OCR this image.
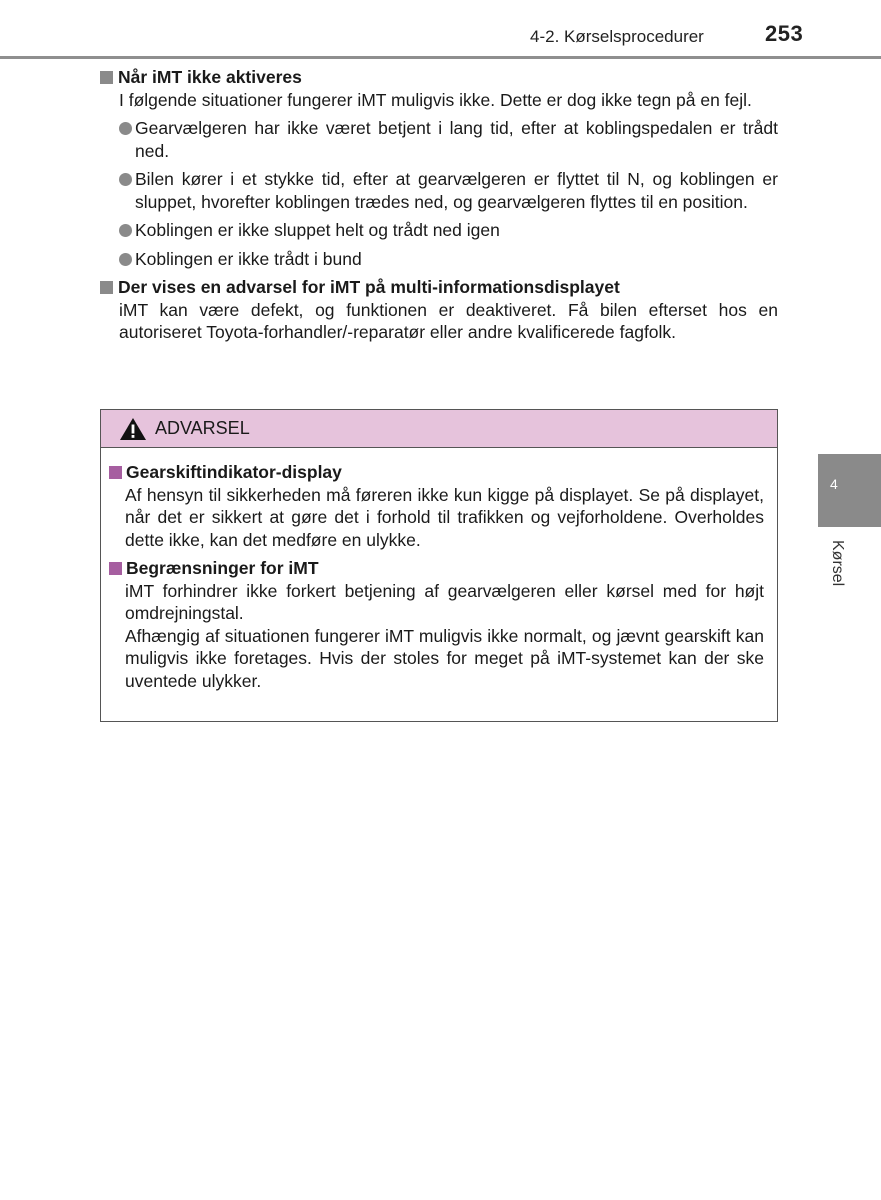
4-2. Kørselsprocedurer	253
Når iMT ikke aktiveres
I følgende situationer fungerer iMT muligvis ikke. Dette er dog ikke tegn på en fejl.
Gearvælgeren har ikke været betjent i lang tid, efter at koblingspedalen er trådt ned.
Bilen kører i et stykke tid, efter at gearvælgeren er flyttet til N, og koblingen er sluppet, hvorefter koblingen trædes ned, og gearvælgeren flyttes til en position.
Koblingen er ikke sluppet helt og trådt ned igen
Koblingen er ikke trådt i bund
Der vises en advarsel for iMT på multi-informationsdisplayet
iMT kan være defekt, og funktionen er deaktiveret. Få bilen efterset hos en autoriseret Toyota-forhandler/-reparatør eller andre kvalificerede fagfolk.
ADVARSEL
Gearskiftindikator-display
Af hensyn til sikkerheden må føreren ikke kun kigge på displayet. Se på displayet, når det er sikkert at gøre det i forhold til trafikken og vejforholdene. Overholdes dette ikke, kan det medføre en ulykke.
Begrænsninger for iMT
iMT forhindrer ikke forkert betjening af gearvælgeren eller kørsel med for højt omdrejningstal.
Afhængig af situationen fungerer iMT muligvis ikke normalt, og jævnt gearskift kan muligvis ikke foretages. Hvis der stoles for meget på iMT-systemet kan der ske uventede ulykker.
4
Kørsel
